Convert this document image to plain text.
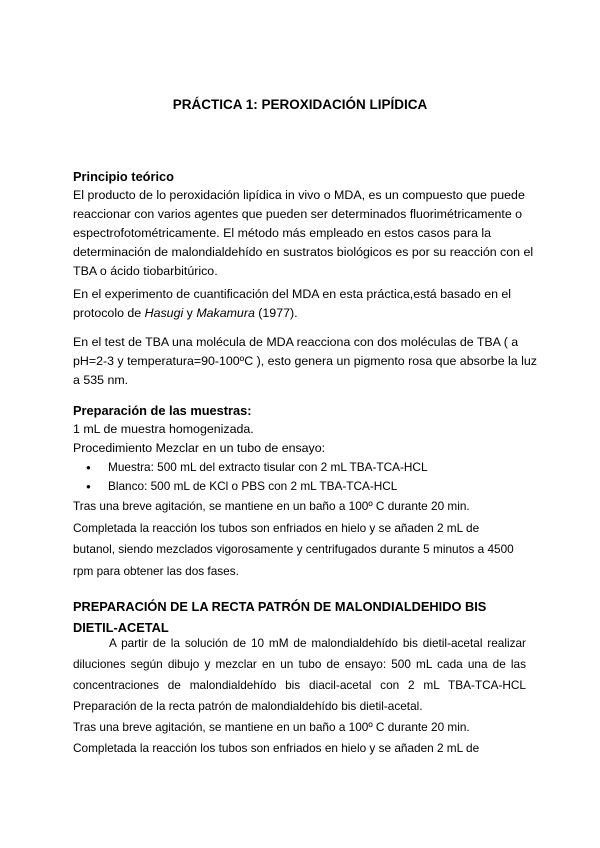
PRÁCTICA 1: PEROXIDACIÓN LIPÍDICA
Principio teórico
El producto de lo peroxidación lipídica in vivo o MDA, es un compuesto que puede
reaccionar con varios agentes que pueden ser determinados fluorimétricamente o
espectrofotométricamente. El método más empleado en estos casos para la
determinación de malondialdehído en sustratos biológicos es por su reacción con el
TBA o ácido tiobarbitúrico.
En el experimento de cuantificación del MDA en esta práctica,está basado en el
protocolo de Hasugi y Makamura (1977).
En el test de TBA una molécula de MDA reacciona con dos moléculas de TBA ( a
pH=2-3 y temperatura=90-100ºC ), esto genera un pigmento rosa que absorbe la luz
a 535 nm.
Preparación de las muestras:
1 mL de muestra homogenizada.
Procedimiento Mezclar en un tubo de ensayo:
● Muestra: 500 mL del extracto tisular con 2 mL TBA-TCA-HCL
● Blanco: 500 mL de KCl o PBS con 2 mL TBA-TCA-HCL
Tras una breve agitación, se mantiene en un baño a 100º C durante 20 min.
Completada la reacción los tubos son enfriados en hielo y se añaden 2 mL de
butanol, siendo mezclados vigorosamente y centrifugados durante 5 minutos a 4500
rpm para obtener las dos fases.
PREPARACIÓN DE LA RECTA PATRÓN DE MALONDIALDEHIDO BIS
DIETIL-ACETAL
A partir de la solución de 10 mM de malondialdehído bis dietil-acetal realizar
diluciones según dibujo y mezclar en un tubo de ensayo: 500 mL cada una de las
concentraciones de malondialdehído bis diacil-acetal con 2 mL TBA-TCA-HCL
Preparación de la recta patrón de malondialdehído bis dietil-acetal.
Tras una breve agitación, se mantiene en un baño a 100º C durante 20 min.
Completada la reacción los tubos son enfriados en hielo y se añaden 2 mL de
